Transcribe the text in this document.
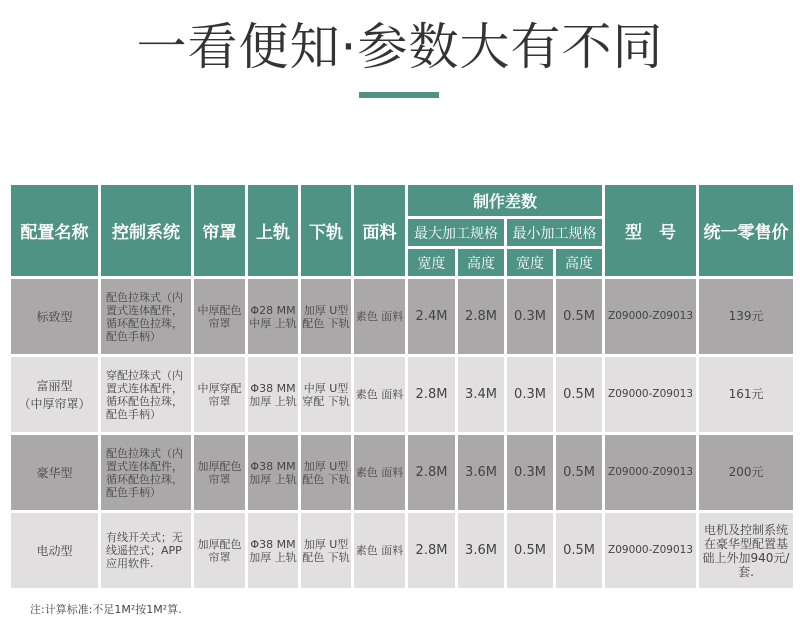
一看便知·参数大有不同
配置名称	控制系统	帘罩	上轨	下轨	面料	制作差数				型　号	统一零售价
						最大加工规格		最小加工规格			
						宽度	高度	宽度	高度		

标致型	配色拉珠式（内置式连体配件，循环配色拉珠，配色手柄）	中厚配色帘罩	Φ28 MM 中厚 上轨	加厚 U型 配色 下轨	素色 面料	2.4M	2.8M	0.3M	0.5M	Z09000-Z09013	139元

富丽型
（中厚帘罩）	穿配拉珠式（内置式连体配件，循环配色拉珠，配色手柄）	中厚穿配帘罩	Φ38 MM 加厚 上轨	中厚 U型 穿配 下轨	素色 面料	2.8M	3.4M	0.3M	0.5M	Z09000-Z09013	161元

豪华型	配色拉珠式（内置式连体配件，循环配色拉珠，配色手柄）	加厚配色帘罩	Φ38 MM 加厚 上轨	加厚 U型 配色 下轨	素色 面料	2.8M	3.6M	0.3M	0.5M	Z09000-Z09013	200元

电动型	有线开关式；无线遥控式；APP应用软件.	加厚配色帘罩	Φ38 MM 加厚 上轨	加厚 U型 配色 下轨	素色 面料	2.8M	3.6M	0.5M	0.5M	Z09000-Z09013	电机及控制系统在豪华型配置基础上外加940元/套.
注:计算标准:不足1M²按1M²算.
